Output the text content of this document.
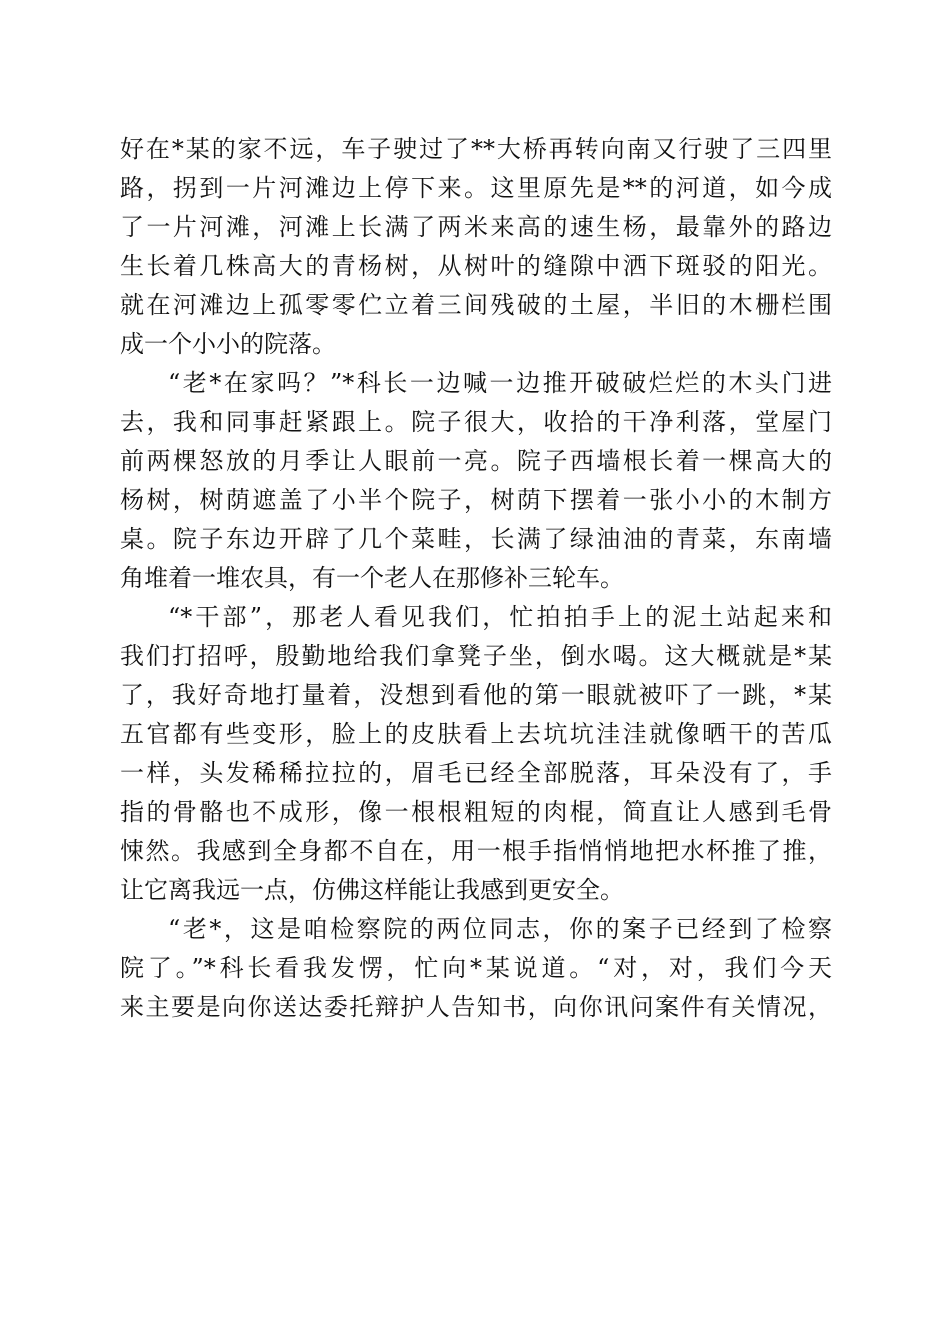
好在*某的家不远，车子驶过了**大桥再转向南又行驶了三四里
路，拐到一片河滩边上停下来。这里原先是**的河道，如今成
了一片河滩，河滩上长满了两米来高的速生杨，最靠外的路边
生长着几株高大的青杨树，从树叶的缝隙中洒下斑驳的阳光。
就在河滩边上孤零零伫立着三间残破的土屋，半旧的木栅栏围
成一个小小的院落。
“老*在家吗？”*科长一边喊一边推开破破烂烂的木头门进
去，我和同事赶紧跟上。院子很大，收拾的干净利落，堂屋门
前两棵怒放的月季让人眼前一亮。院子西墙根长着一棵高大的
杨树，树荫遮盖了小半个院子，树荫下摆着一张小小的木制方
桌。院子东边开辟了几个菜畦，长满了绿油油的青菜，东南墙
角堆着一堆农具，有一个老人在那修补三轮车。
“*干部”，那老人看见我们，忙拍拍手上的泥土站起来和
我们打招呼，殷勤地给我们拿凳子坐，倒水喝。这大概就是*某
了，我好奇地打量着，没想到看他的第一眼就被吓了一跳，*某
五官都有些变形，脸上的皮肤看上去坑坑洼洼就像晒干的苦瓜
一样，头发稀稀拉拉的，眉毛已经全部脱落，耳朵没有了，手
指的骨骼也不成形，像一根根粗短的肉棍，简直让人感到毛骨
悚然。我感到全身都不自在，用一根手指悄悄地把水杯推了推，
让它离我远一点，仿佛这样能让我感到更安全。
“老*，这是咱检察院的两位同志，你的案子已经到了检察
院了。”*科长看我发愣，忙向*某说道。“对，对，我们今天
来主要是向你送达委托辩护人告知书，向你讯问案件有关情况，
